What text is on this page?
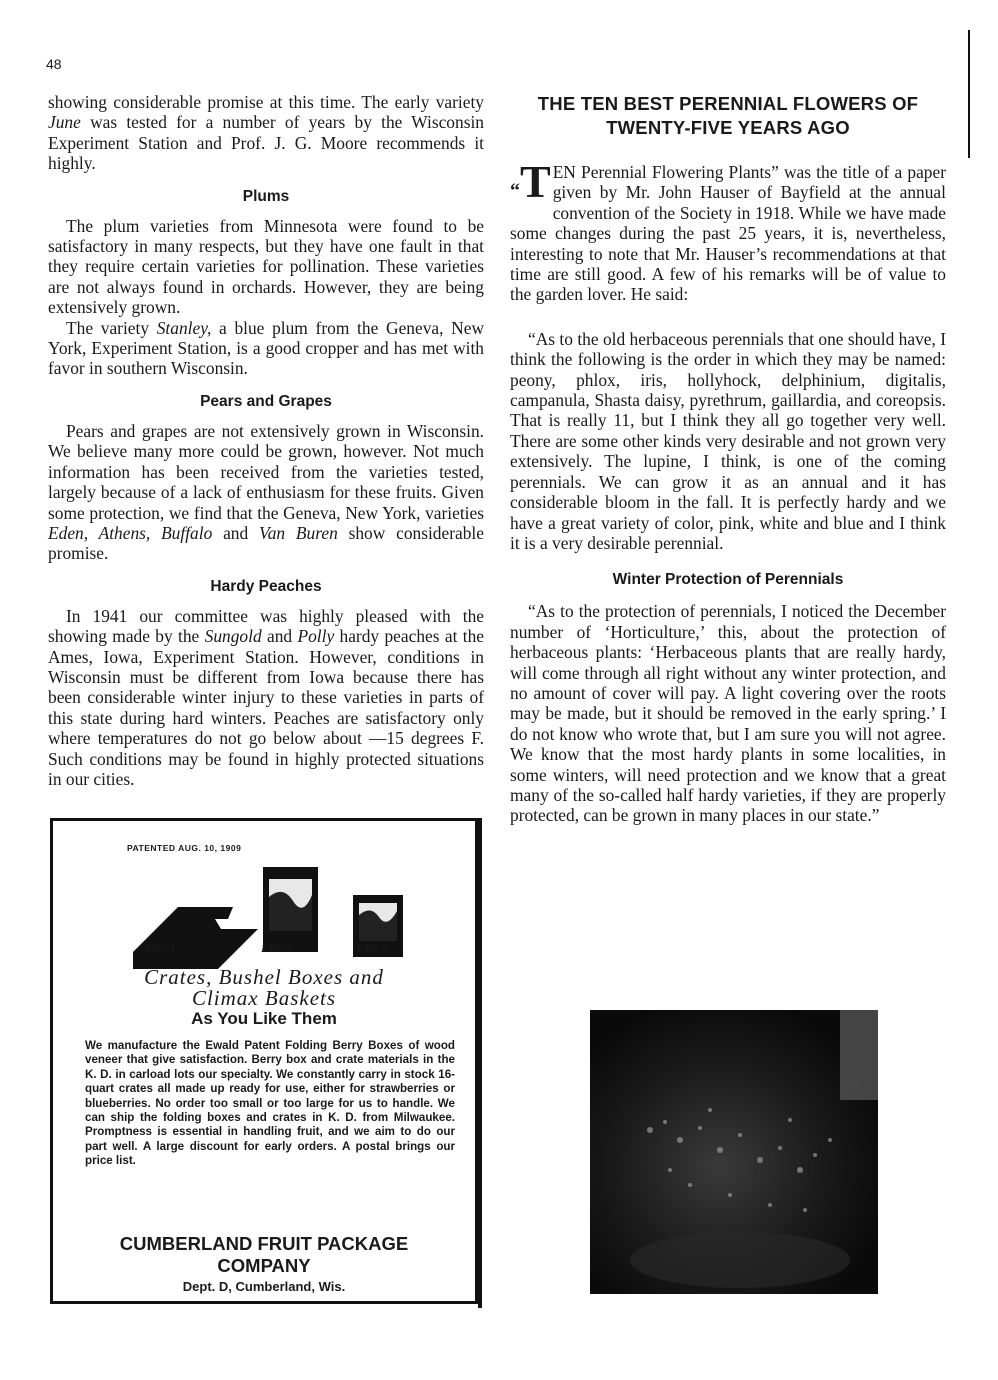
48

showing considerable promise at this time. The early variety June was tested for a number of years by the Wisconsin Experiment Station and Prof. J. G. Moore recommends it highly.

Plums

The plum varieties from Minnesota were found to be satisfactory in many respects, but they have one fault in that they require certain varieties for pollination. These varieties are not always found in orchards. However, they are being extensively grown.

The variety Stanley, a blue plum from the Geneva, New York, Experiment Station, is a good cropper and has met with favor in southern Wisconsin.

Pears and Grapes

Pears and grapes are not extensively grown in Wisconsin. We believe many more could be grown, however. Not much information has been received from the varieties tested, largely because of a lack of enthusiasm for these fruits. Given some protection, we find that the Geneva, New York, varieties Eden, Athens, Buffalo and Van Buren show considerable promise.

Hardy Peaches

In 1941 our committee was highly pleased with the showing made by the Sungold and Polly hardy peaches at the Ames, Iowa, Experiment Station. However, conditions in Wisconsin must be different from Iowa because there has been considerable winter injury to these varieties in parts of this state during hard winters. Peaches are satisfactory only where temperatures do not go below about —15 degrees F. Such conditions may be found in highly protected situations in our cities.

PATENTED AUG. 10, 1909
FIG. 1	FIG. 2	FIG. 3
Crates, Bushel Boxes and
Climax Baskets
As You Like Them
We manufacture the Ewald Patent Folding Berry Boxes of wood veneer that give satisfaction. Berry box and crate materials in the K. D. in carload lots our specialty. We constantly carry in stock 16-quart crates all made up ready for use, either for strawberries or blueberries. No order too small or too large for us to handle. We can ship the folding boxes and crates in K. D. from Milwaukee. Promptness is essential in handling fruit, and we aim to do our part well. A large discount for early orders. A postal brings our price list.
CUMBERLAND FRUIT PACKAGE
COMPANY
Dept. D, Cumberland, Wis.
THE TEN BEST PERENNIAL FLOWERS OF TWENTY-FIVE YEARS AGO

“T EN Perennial Flowering Plants” was the title of a paper given by Mr. John Hauser of Bayfield at the annual convention of the Society in 1918. While we have made some changes during the past 25 years, it is, nevertheless, interesting to note that Mr. Hauser’s recommendations at that time are still good. A few of his remarks will be of value to the garden lover. He said:

“As to the old herbaceous perennials that one should have, I think the following is the order in which they may be named: peony, phlox, iris, hollyhock, delphinium, digitalis, campanula, Shasta daisy, pyrethrum, gaillardia, and coreopsis. That is really 11, but I think they all go together very well. There are some other kinds very desirable and not grown very extensively. The lupine, I think, is one of the coming perennials. We can grow it as an annual and it has considerable bloom in the fall. It is perfectly hardy and we have a great variety of color, pink, white and blue and I think it is a very desirable perennial.

Winter Protection of Perennials

“As to the protection of perennials, I noticed the December number of ‘Horticulture,’ this, about the protection of herbaceous plants: ‘Herbaceous plants that are really hardy, will come through all right without any winter protection, and no amount of cover will pay. A light covering over the roots may be made, but it should be removed in the early spring.’ I do not know who wrote that, but I am sure you will not agree. We know that the most hardy plants in some localities, in some winters, will need protection and we know that a great many of the so-called half hardy varieties, if they are properly protected, can be grown in many places in our state.”
